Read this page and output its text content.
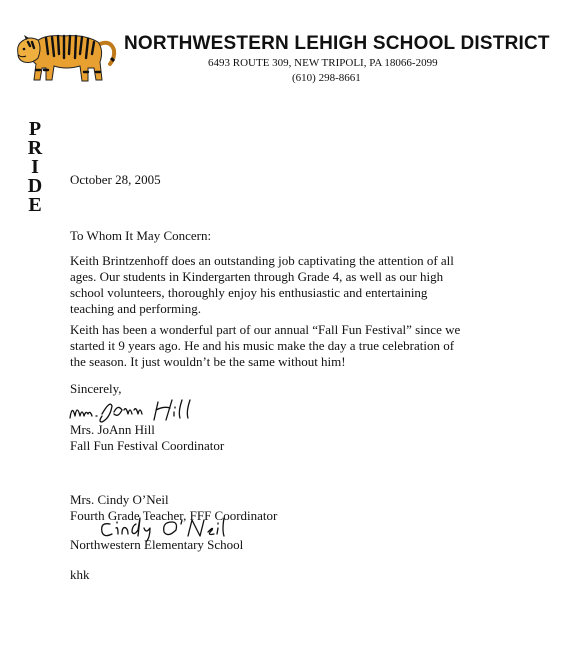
NORTHWESTERN LEHIGH SCHOOL DISTRICT
6493 ROUTE 309, NEW TRIPOLI, PA 18066-2099
(610) 298-8661
P
R
I
D
E
October 28, 2005
To Whom It May Concern:
Keith Brintzenhoff does an outstanding job captivating the attention of all
ages. Our students in Kindergarten through Grade 4, as well as our high
school volunteers, thoroughly enjoy his enthusiastic and entertaining
teaching and performing.
Keith has been a wonderful part of our annual “Fall Fun Festival” since we
started it 9 years ago. He and his music make the day a true celebration of
the season. It just wouldn’t be the same without him!
Sincerely,
Mrs. JoAnn Hill
Fall Fun Festival Coordinator
Mrs. Cindy O’Neil
Fourth Grade Teacher, FFF Coordinator
Northwestern Elementary School
khk
